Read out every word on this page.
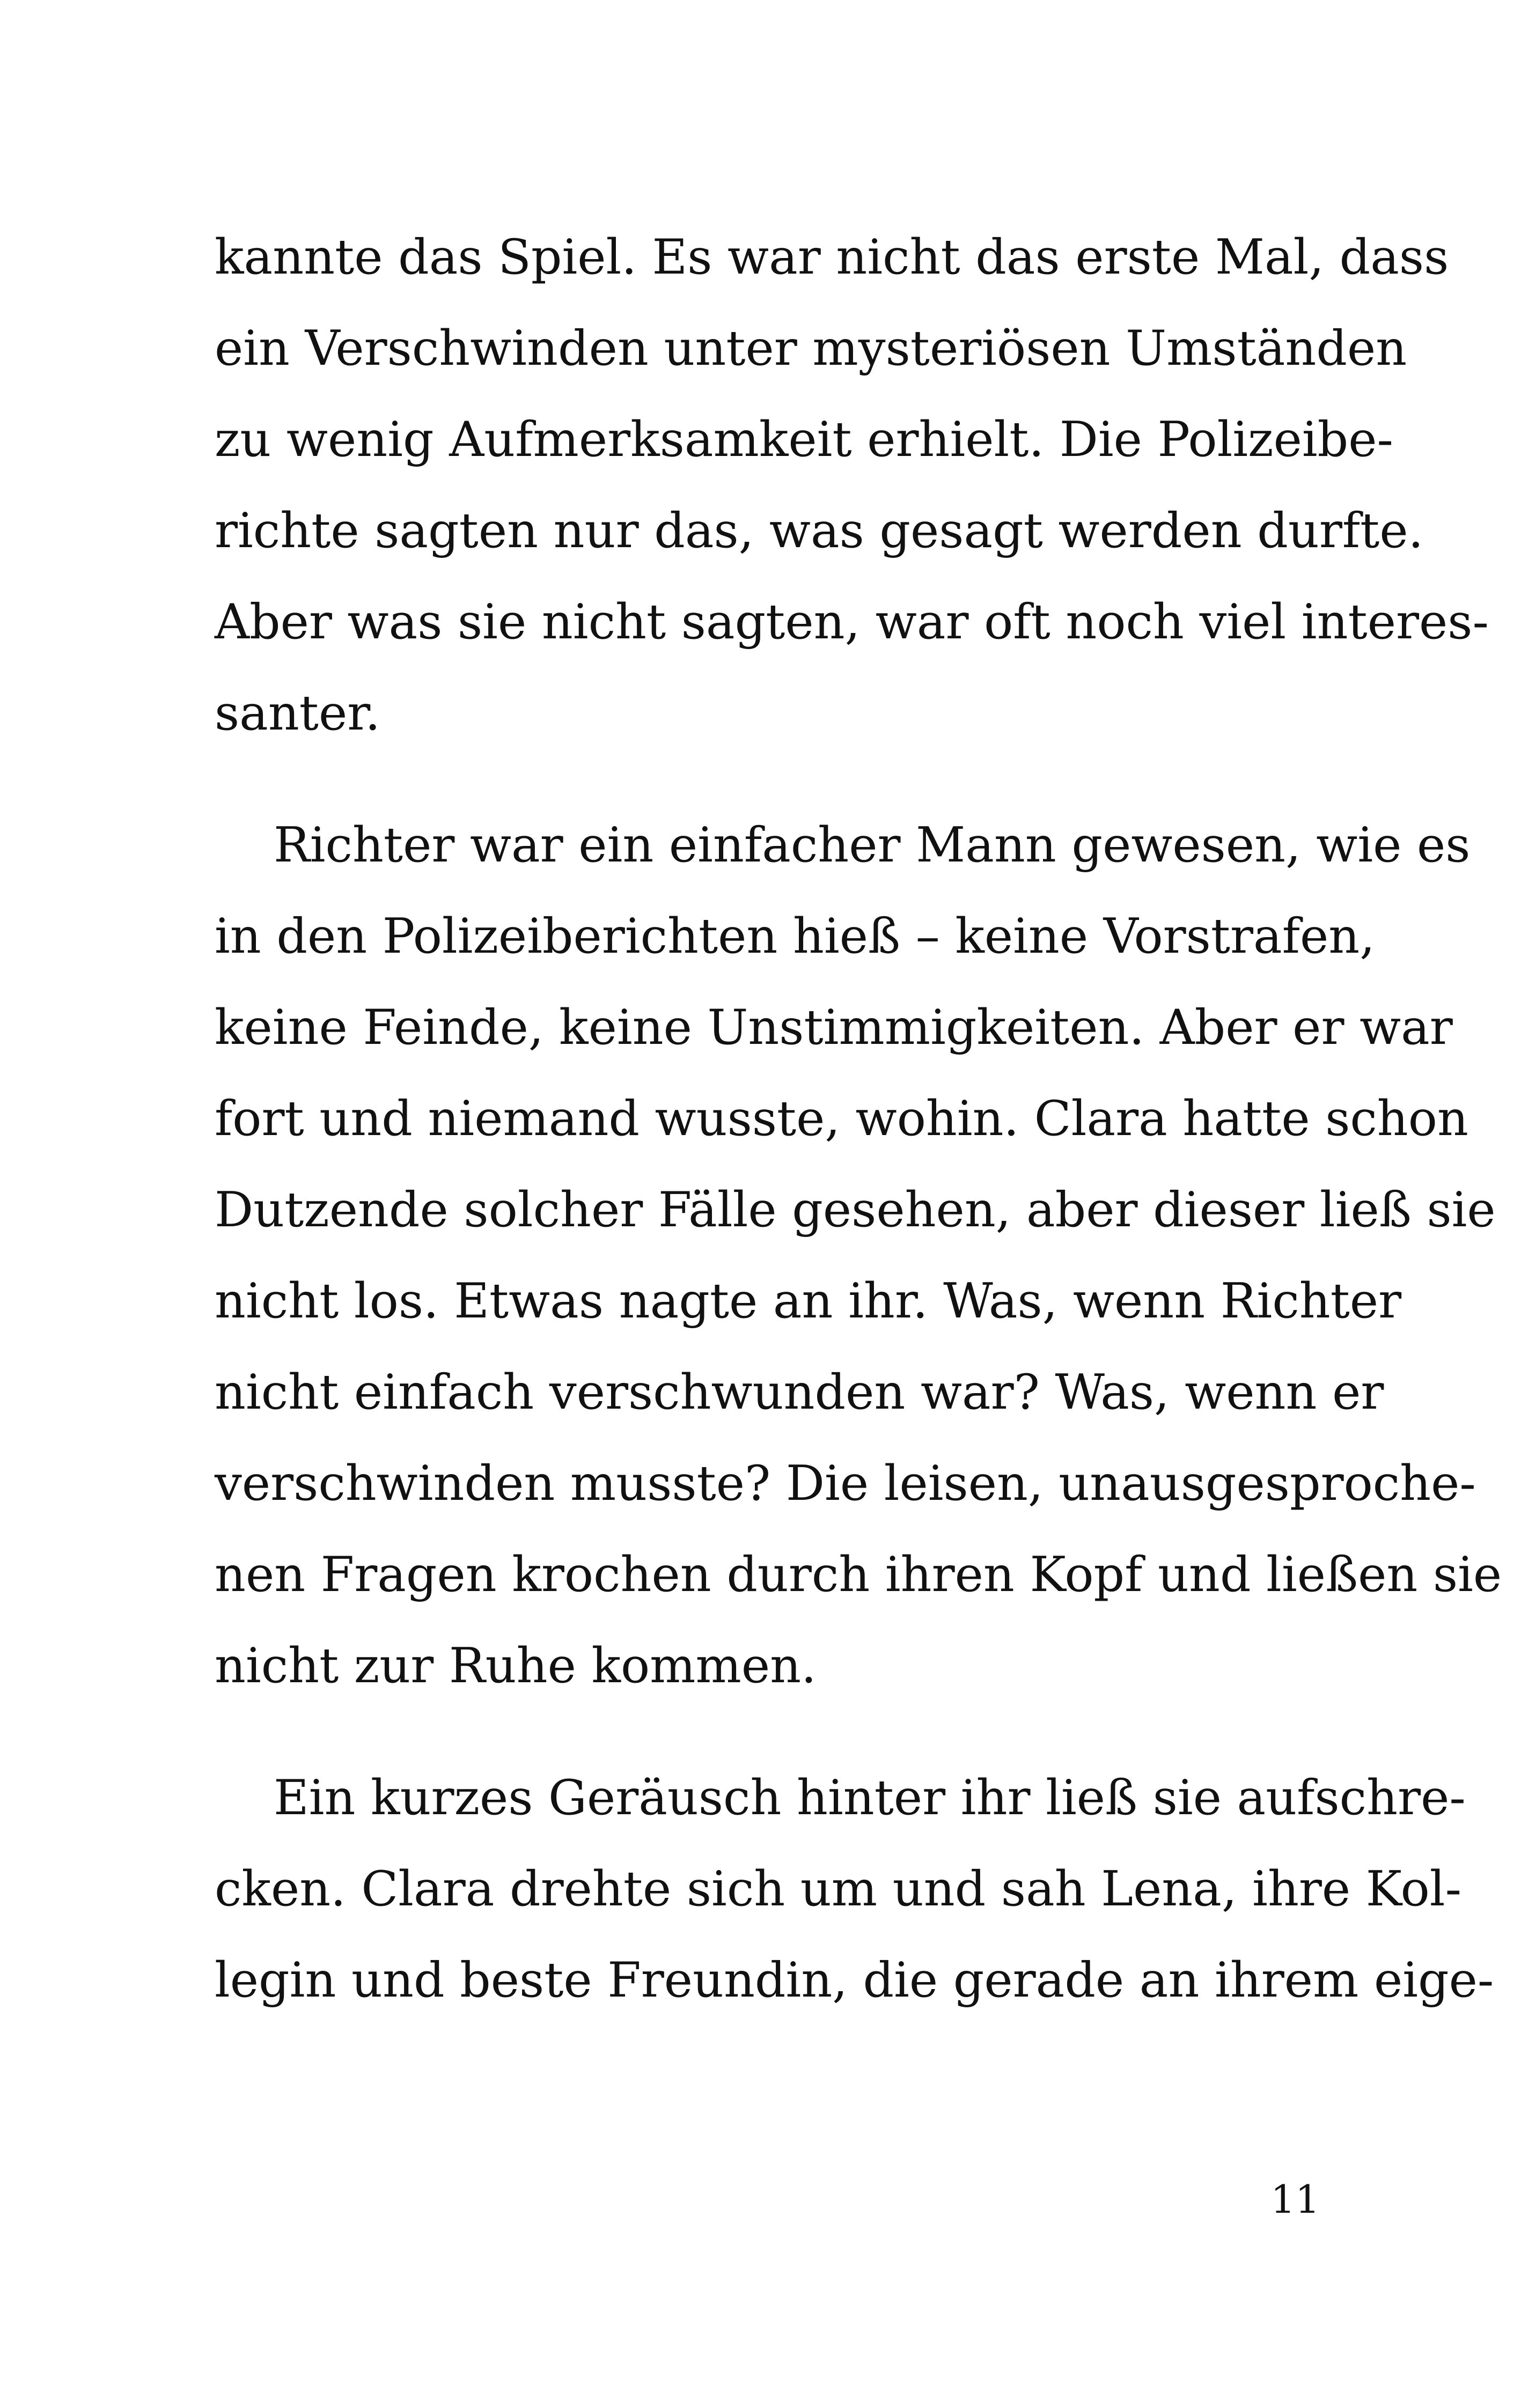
kannte das Spiel. Es war nicht das erste Mal, dass
ein Verschwinden unter mysteriösen Umständen
zu wenig Aufmerksamkeit erhielt. Die Polizeibe-
richte sagten nur das, was gesagt werden durfte.
Aber was sie nicht sagten, war oft noch viel interes-
santer.
Richter war ein einfacher Mann gewesen, wie es
in den Polizeiberichten hieß – keine Vorstrafen,
keine Feinde, keine Unstimmigkeiten. Aber er war
fort und niemand wusste, wohin. Clara hatte schon
Dutzende solcher Fälle gesehen, aber dieser ließ sie
nicht los. Etwas nagte an ihr. Was, wenn Richter
nicht einfach verschwunden war? Was, wenn er
verschwinden musste? Die leisen, unausgesproche-
nen Fragen krochen durch ihren Kopf und ließen sie
nicht zur Ruhe kommen.
Ein kurzes Geräusch hinter ihr ließ sie aufschre-
cken. Clara drehte sich um und sah Lena, ihre Kol-
legin und beste Freundin, die gerade an ihrem eige-
11
